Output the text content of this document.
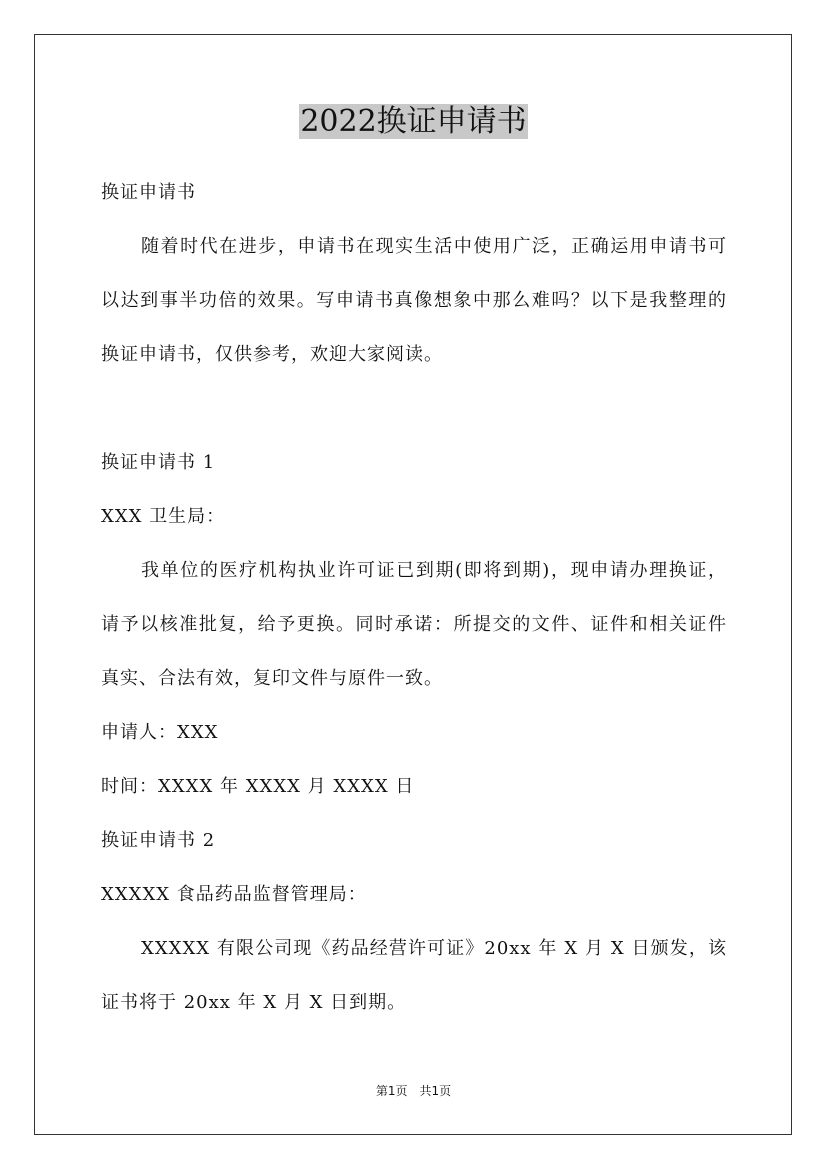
2022换证申请书

换证申请书

随着时代在进步，申请书在现实生活中使用广泛，正确运用申请书可以达到事半功倍的效果。写申请书真像想象中那么难吗？以下是我整理的换证申请书，仅供参考，欢迎大家阅读。

换证申请书 1

XXX 卫生局：

我单位的医疗机构执业许可证已到期(即将到期)，现申请办理换证，请予以核准批复，给予更换。同时承诺：所提交的文件、证件和相关证件真实、合法有效，复印文件与原件一致。

申请人：XXX

时间：XXXX 年 XXXX 月 XXXX 日

换证申请书 2

XXXXX 食品药品监督管理局：

XXXXX 有限公司现《药品经营许可证》20xx 年 X 月 X 日颁发，该证书将于 20xx 年 X 月 X 日到期。

第1页　共1页
